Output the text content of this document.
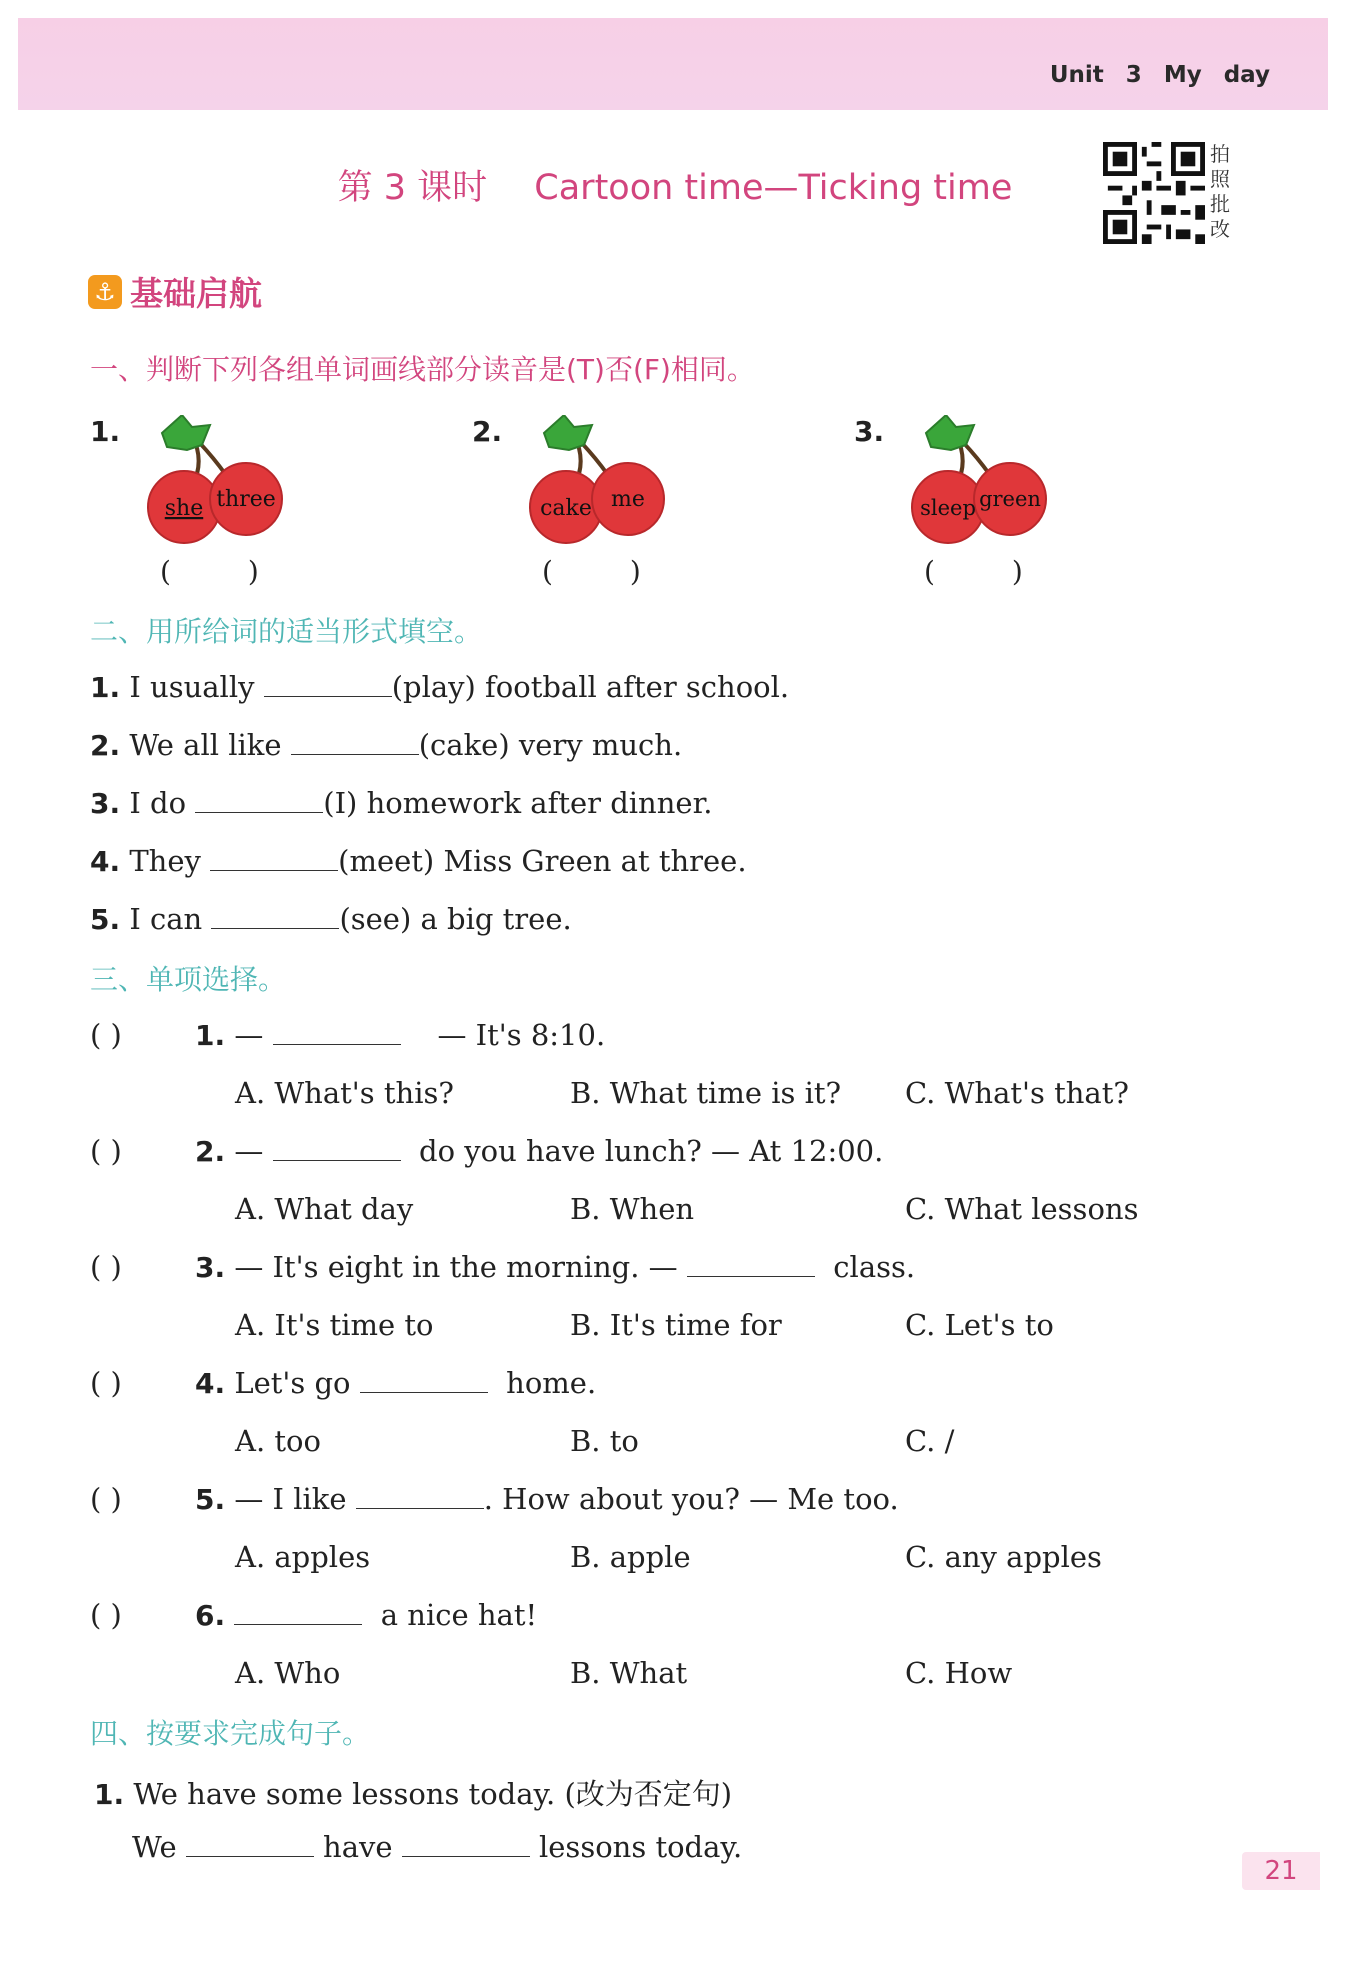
Unit 3 My day
第 3 课时 Cartoon time—Ticking time
拍照批改
⚓ 基础启航
一、判断下列各组单词画线部分读音是(T)否(F)相同。
1.
she three
( )
2.
cake me
( )
3.
sleep green
( )
二、用所给词的适当形式填空。
1. I usually	(play) football after school.
2. We all like	(cake) very much.
3. I do	(I) homework after dinner.
4. They	(meet) Miss Green at three.
5. I can	(see) a big tree.
三、单项选择。
( )	1. —	— It's 8:10.
A. What's this?	B. What time is it? C. What's that?
( )	2. —	do you have lunch? — At 12:00.
A. What day	B. When	C. What lessons
( )	3. — It's eight in the morning. —	class.
A. It's time to	B. It's time for	C. Let's to
( )	4. Let's go	home.
A. too	B. to	C. /
( )	5. — I like	. How about you? — Me too.
A. apples	B. apple	C. any apples
( )	6.	a nice hat!
A. Who	B. What	C. How
四、按要求完成句子。
1. We have some lessons today. (改为否定句)
We	have	lessons today.
21
